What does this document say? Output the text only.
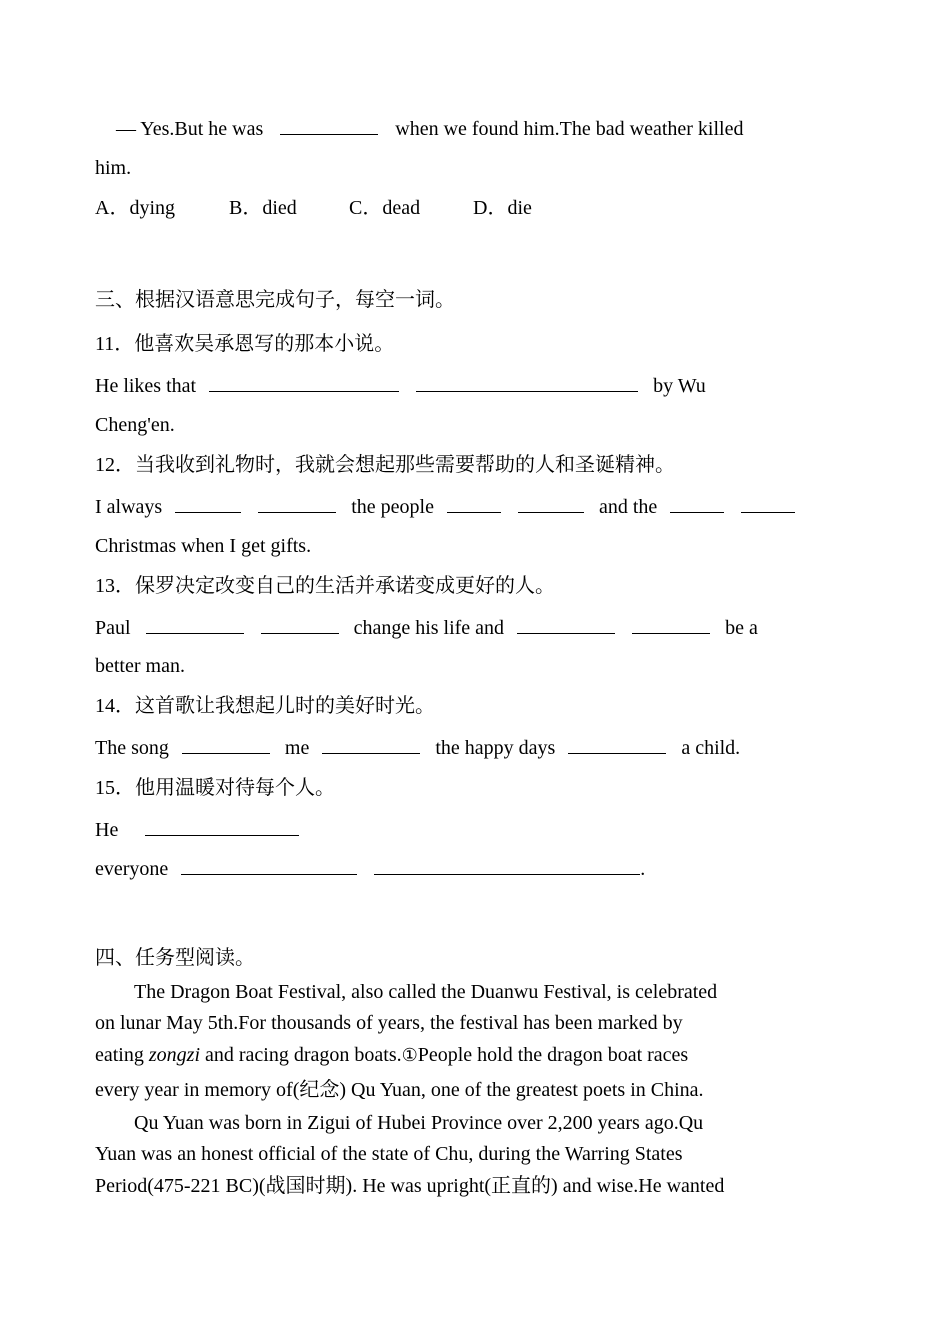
— Yes.But he was	when we found him.The bad weather killed
him.
A．dying	B．died	C．dead	D．die
三、根据汉语意思完成句子，每空一词。
11．他喜欢吴承恩写的那本小说。
He likes that	by Wu
Cheng'en.
12．当我收到礼物时，我就会想起那些需要帮助的人和圣诞精神。
I always	the people	and the
Christmas when I get gifts.
13．保罗决定改变自己的生活并承诺变成更好的人。
Paul	change his life and	be a
better man.
14．这首歌让我想起儿时的美好时光。
The song	me	the happy days	a child.
15．他用温暖对待每个人。
He
everyone	.
四、任务型阅读。
The Dragon Boat Festival, also called the Duanwu Festival, is celebrated
on lunar May 5th.For thousands of years, the festival has been marked by
eating zongzi and racing dragon boats.①People hold the dragon boat races
every year in memory of(纪念) Qu Yuan, one of the greatest poets in China.
Qu Yuan was born in Zigui of Hubei Province over 2,200 years ago.Qu
Yuan was an honest official of the state of Chu, during the Warring States
Period(475-221 BC)(战国时期). He was upright(正直的) and wise.He wanted
